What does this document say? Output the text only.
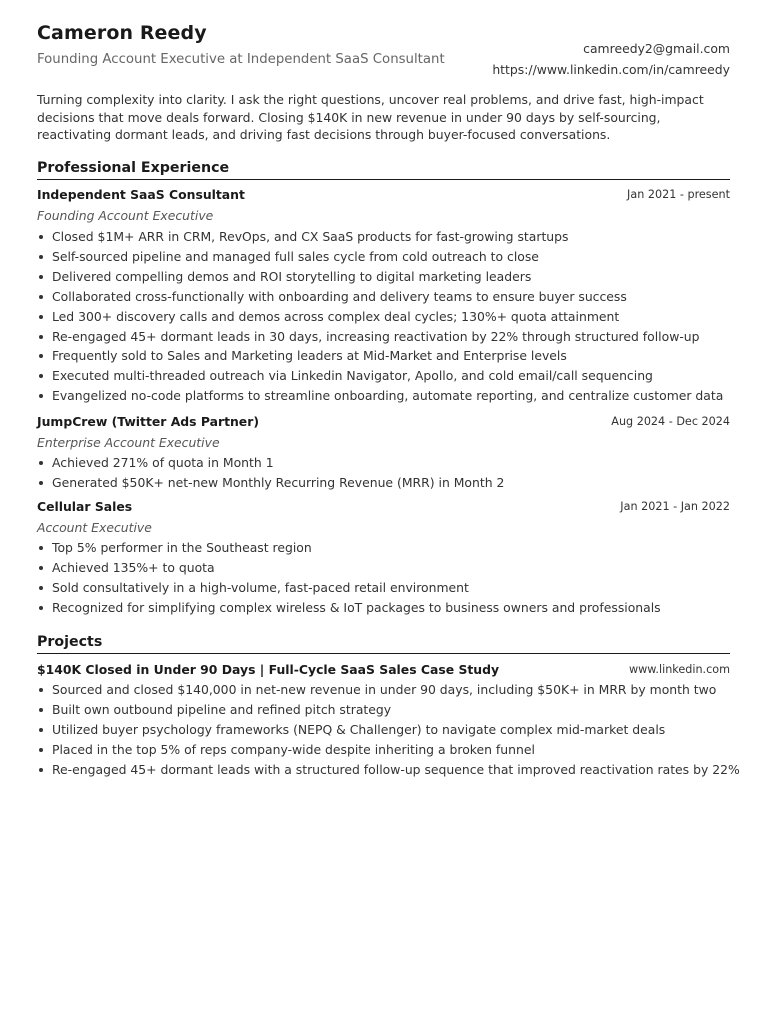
Cameron Reedy
Founding Account Executive at Independent SaaS Consultant
camreedy2@gmail.com
https://www.linkedin.com/in/camreedy

Turning complexity into clarity. I ask the right questions, uncover real problems, and drive fast, high-impact decisions that move deals forward. Closing $140K in new revenue in under 90 days by self-sourcing, reactivating dormant leads, and driving fast decisions through buyer-focused conversations.

Professional Experience
Independent SaaS Consultant	Jan 2021 - present
Founding Account Executive
Closed $1M+ ARR in CRM, RevOps, and CX SaaS products for fast-growing startups
Self-sourced pipeline and managed full sales cycle from cold outreach to close
Delivered compelling demos and ROI storytelling to digital marketing leaders
Collaborated cross-functionally with onboarding and delivery teams to ensure buyer success
Led 300+ discovery calls and demos across complex deal cycles; 130%+ quota attainment
Re-engaged 45+ dormant leads in 30 days, increasing reactivation by 22% through structured follow-up
Frequently sold to Sales and Marketing leaders at Mid-Market and Enterprise levels
Executed multi-threaded outreach via Linkedin Navigator, Apollo, and cold email/call sequencing
Evangelized no-code platforms to streamline onboarding, automate reporting, and centralize customer data
JumpCrew (Twitter Ads Partner)	Aug 2024 - Dec 2024
Enterprise Account Executive
Achieved 271% of quota in Month 1
Generated $50K+ net-new Monthly Recurring Revenue (MRR) in Month 2
Cellular Sales	Jan 2021 - Jan 2022
Account Executive
Top 5% performer in the Southeast region
Achieved 135%+ to quota
Sold consultatively in a high-volume, fast-paced retail environment
Recognized for simplifying complex wireless & IoT packages to business owners and professionals
Projects
$140K Closed in Under 90 Days | Full-Cycle SaaS Sales Case Study	www.linkedin.com
Sourced and closed $140,000 in net-new revenue in under 90 days, including $50K+ in MRR by month two
Built own outbound pipeline and refined pitch strategy
Utilized buyer psychology frameworks (NEPQ & Challenger) to navigate complex mid-market deals
Placed in the top 5% of reps company-wide despite inheriting a broken funnel
Re-engaged 45+ dormant leads with a structured follow-up sequence that improved reactivation rates by 22%
